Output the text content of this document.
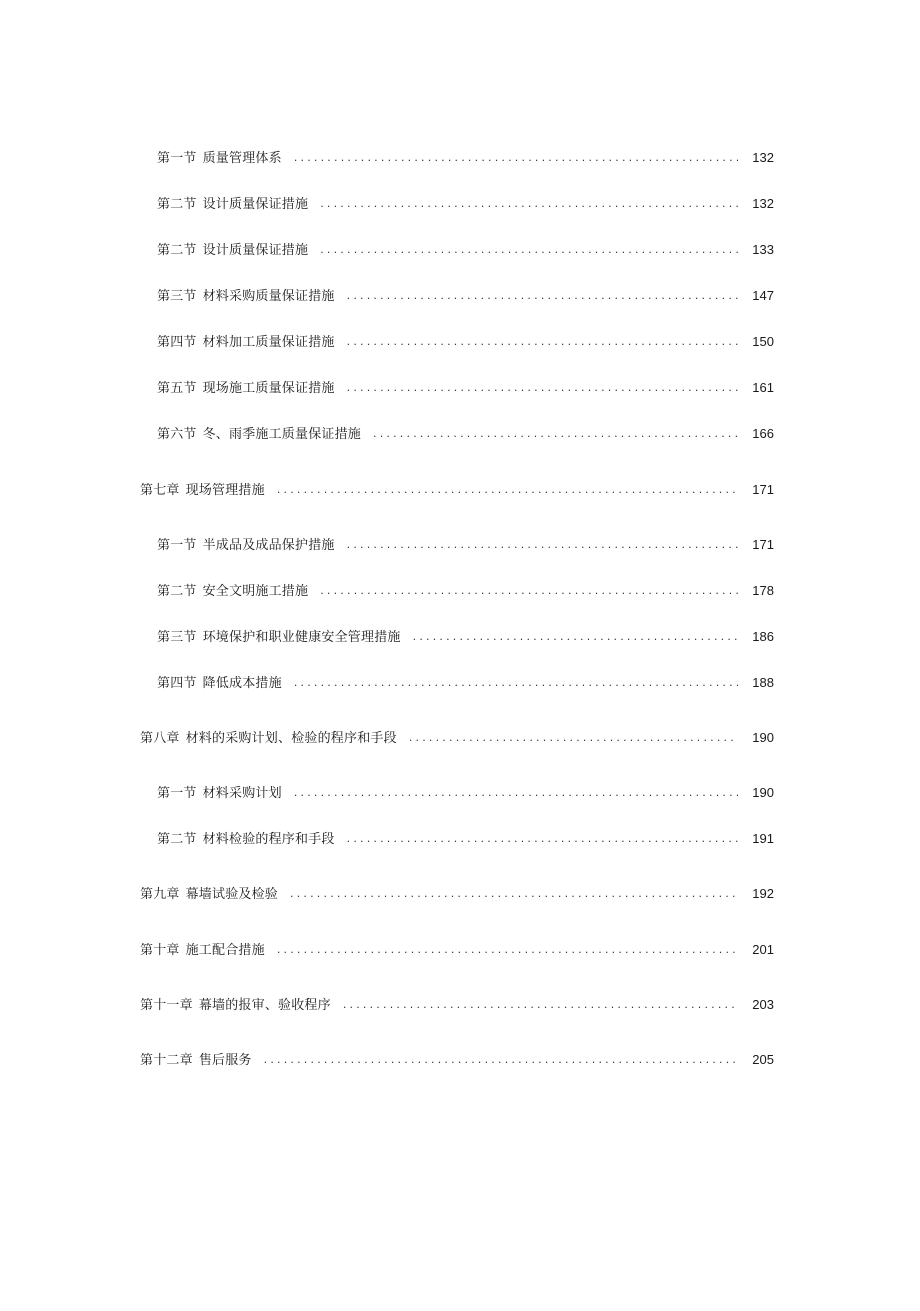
第一节 质量管理体系 .....	132
第二节 设计质量保证措施 .....	132
第二节 设计质量保证措施 .....	133
第三节 材料采购质量保证措施 .....	147
第四节 材料加工质量保证措施 .....	150
第五节 现场施工质量保证措施 .....	161
第六节 冬、雨季施工质量保证措施 .....	166
第七章 现场管理措施 .....	171
第一节 半成品及成品保护措施 .....	171
第二节 安全文明施工措施 .....	178
第三节 环境保护和职业健康安全管理措施 .....	186
第四节 降低成本措施 .....	188
第八章 材料的采购计划、检验的程序和手段 .....	190
第一节 材料采购计划 .....	190
第二节 材料检验的程序和手段 .....	191
第九章 幕墙试验及检验 .....	192
第十章 施工配合措施 .....	201
第十一章 幕墙的报审、验收程序 .....	203
第十二章 售后服务 .....	205
